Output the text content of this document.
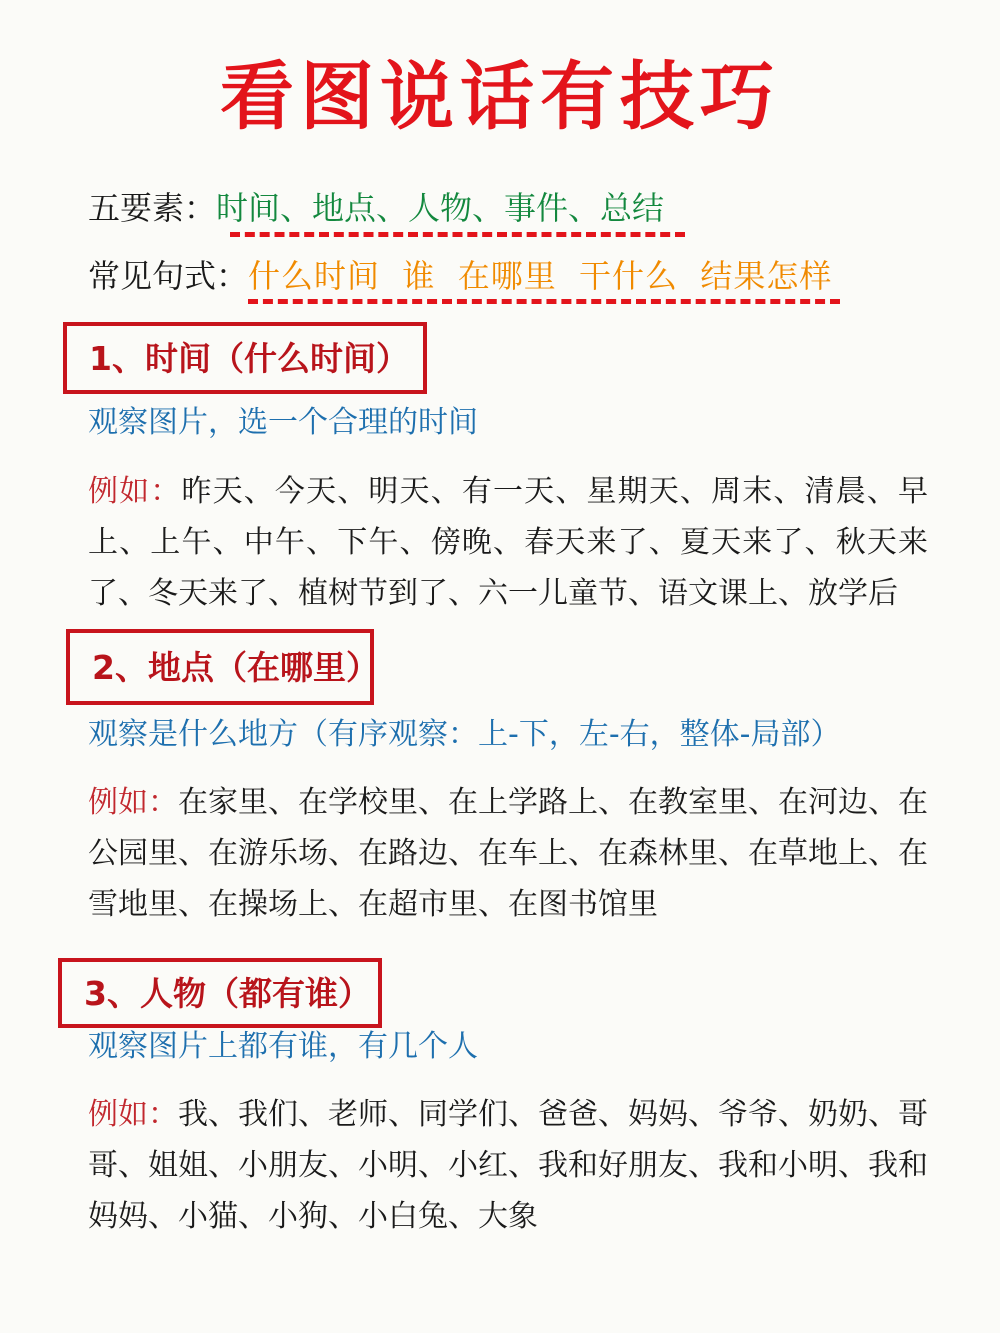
看图说话有技巧
五要素：时间、地点、人物、事件、总结
常见句式：什么时间  谁  在哪里  干什么  结果怎样
1、时间（什么时间）
观察图片，选一个合理的时间
例如：昨天、今天、明天、有一天、星期天、周末、清晨、早上、上午、中午、下午、傍晚、春天来了、夏天来了、秋天来了、冬天来了、植树节到了、六一儿童节、语文课上、放学后
2、地点（在哪里）
观察是什么地方（有序观察：上-下，左-右，整体-局部）
例如：在家里、在学校里、在上学路上、在教室里、在河边、在公园里、在游乐场、在路边、在车上、在森林里、在草地上、在雪地里、在操场上、在超市里、在图书馆里
3、人物（都有谁）
观察图片上都有谁，有几个人
例如：我、我们、老师、同学们、爸爸、妈妈、爷爷、奶奶、哥哥、姐姐、小朋友、小明、小红、我和好朋友、我和小明、我和妈妈、小猫、小狗、小白兔、大象
